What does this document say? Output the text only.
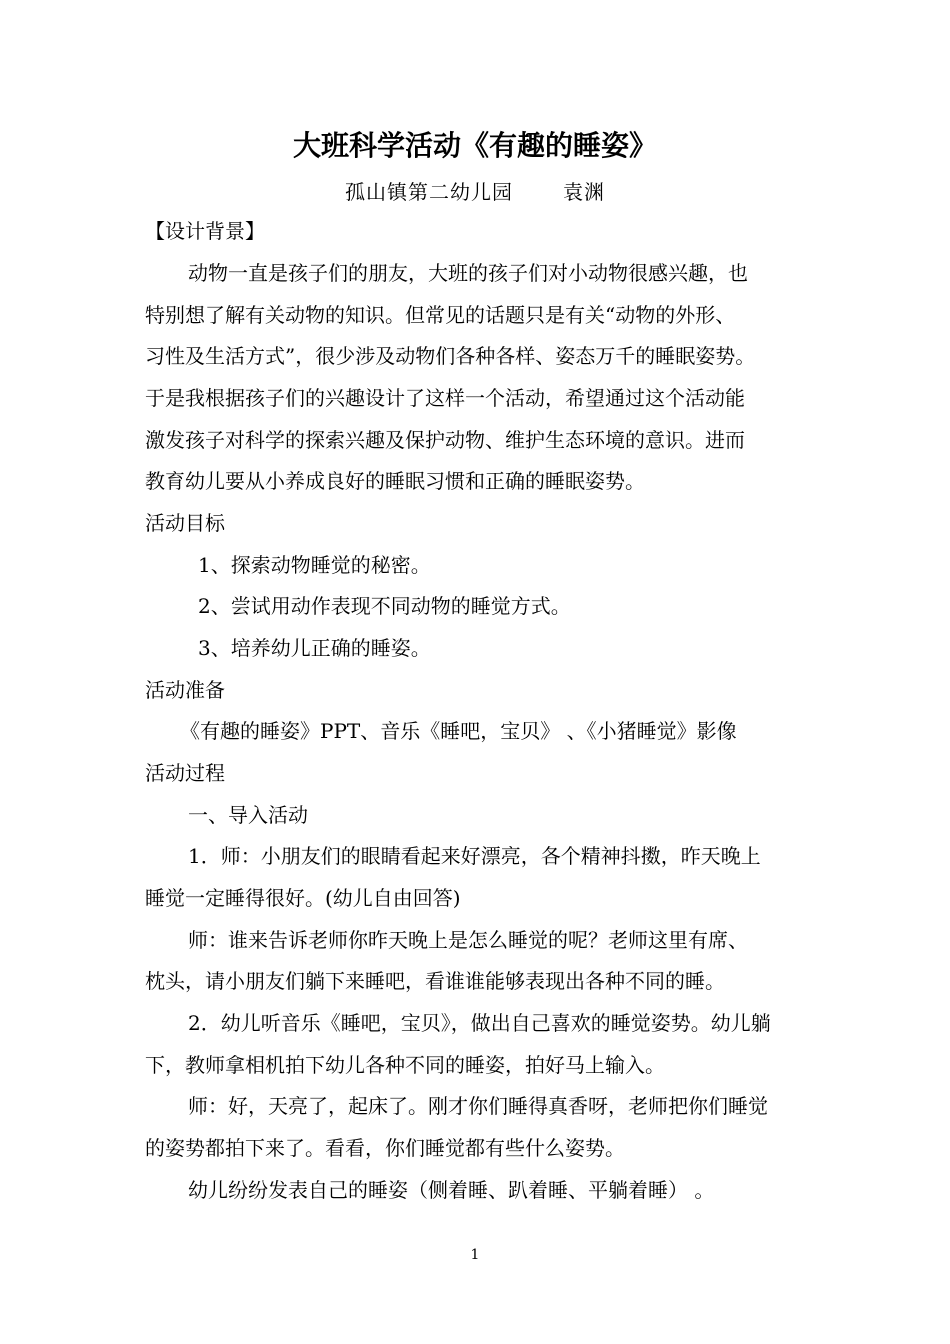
大班科学活动《有趣的睡姿》
孤山镇第二幼儿园	袁渊
【设计背景】
动物一直是孩子们的朋友，大班的孩子们对小动物很感兴趣，也
特别想了解有关动物的知识。但常见的话题只是有关“动物的外形、
习性及生活方式”，很少涉及动物们各种各样、姿态万千的睡眠姿势。
于是我根据孩子们的兴趣设计了这样一个活动，希望通过这个活动能
激发孩子对科学的探索兴趣及保护动物、维护生态环境的意识。进而
教育幼儿要从小养成良好的睡眠习惯和正确的睡眠姿势。
活动目标
1、探索动物睡觉的秘密。
2、尝试用动作表现不同动物的睡觉方式。
3、培养幼儿正确的睡姿。
活动准备
《有趣的睡姿》PPT、音乐《睡吧，宝贝》 、《小猪睡觉》影像
活动过程
一、导入活动
1．师：小朋友们的眼睛看起来好漂亮，各个精神抖擞，昨天晚上
睡觉一定睡得很好。(幼儿自由回答)
师：谁来告诉老师你昨天晚上是怎么睡觉的呢？老师这里有席、
枕头，请小朋友们躺下来睡吧，看谁谁能够表现出各种不同的睡。
2．幼儿听音乐《睡吧，宝贝》，做出自己喜欢的睡觉姿势。幼儿躺
下，教师拿相机拍下幼儿各种不同的睡姿，拍好马上输入。
师：好，天亮了，起床了。刚才你们睡得真香呀，老师把你们睡觉
的姿势都拍下来了。看看，你们睡觉都有些什么姿势。
幼儿纷纷发表自己的睡姿（侧着睡、趴着睡、平躺着睡） 。
1
